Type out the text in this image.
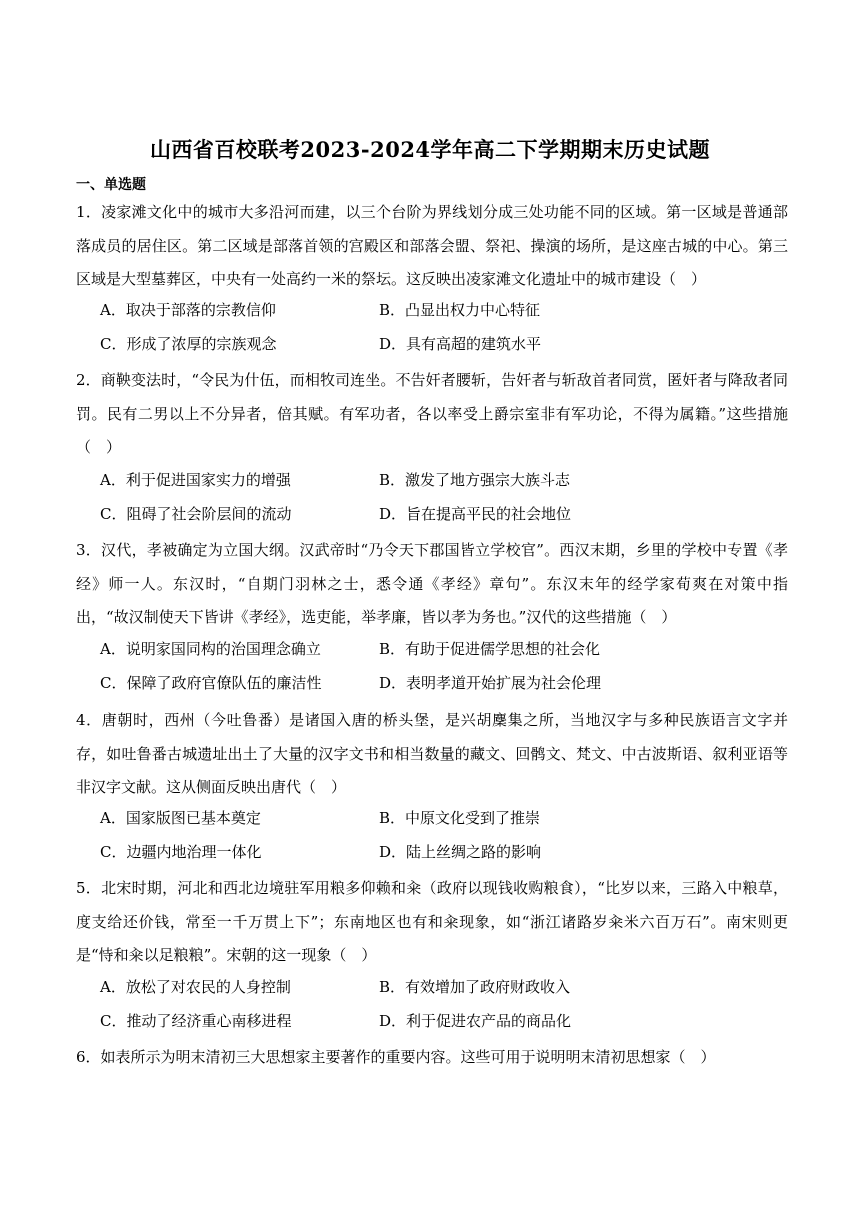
山西省百校联考2023-2024学年高二下学期期末历史试题
一、单选题
1．凌家滩文化中的城市大多沿河而建，以三个台阶为界线划分成三处功能不同的区域。第一区域是普通部落成员的居住区。第二区域是部落首领的宫殿区和部落会盟、祭祀、操演的场所，是这座古城的中心。第三区域是大型墓葬区，中央有一处高约一米的祭坛。这反映出凌家滩文化遗址中的城市建设（　）
A．取决于部落的宗教信仰	B．凸显出权力中心特征
C．形成了浓厚的宗族观念	D．具有高超的建筑水平
2．商鞅变法时，“令民为什伍，而相牧司连坐。不告奸者腰斩，告奸者与斩敌首者同赏，匿奸者与降敌者同罚。民有二男以上不分异者，倍其赋。有军功者，各以率受上爵宗室非有军功论，不得为属籍。”这些措施（　）
A．利于促进国家实力的增强	B．激发了地方强宗大族斗志
C．阻碍了社会阶层间的流动	D．旨在提高平民的社会地位
3．汉代，孝被确定为立国大纲。汉武帝时“乃令天下郡国皆立学校官”。西汉末期，乡里的学校中专置《孝经》师一人。东汉时，“自期门羽林之士，悉令通《孝经》章句”。东汉末年的经学家荀爽在对策中指出，“故汉制使天下皆讲《孝经》，选吏能，举孝廉，皆以孝为务也。”汉代的这些措施（　）
A．说明家国同构的治国理念确立	B．有助于促进儒学思想的社会化
C．保障了政府官僚队伍的廉洁性	D．表明孝道开始扩展为社会伦理
4．唐朝时，西州（今吐鲁番）是诸国入唐的桥头堡，是兴胡麇集之所，当地汉字与多种民族语言文字并存，如吐鲁番古城遗址出土了大量的汉字文书和相当数量的藏文、回鹘文、梵文、中古波斯语、叙利亚语等非汉字文献。这从侧面反映出唐代（　）
A．国家版图已基本奠定	B．中原文化受到了推崇
C．边疆内地治理一体化	D．陆上丝绸之路的影响
5．北宋时期，河北和西北边境驻军用粮多仰赖和籴（政府以现钱收购粮食），“比岁以来，三路入中粮草，度支给还价钱，常至一千万贯上下”；东南地区也有和籴现象，如“浙江诸路岁籴米六百万石”。南宋则更是“恃和籴以足粮粮”。宋朝的这一现象（　）
A．放松了对农民的人身控制	B．有效增加了政府财政收入
C．推动了经济重心南移进程	D．利于促进农产品的商品化
6．如表所示为明末清初三大思想家主要著作的重要内容。这些可用于说明明末清初思想家（　）
